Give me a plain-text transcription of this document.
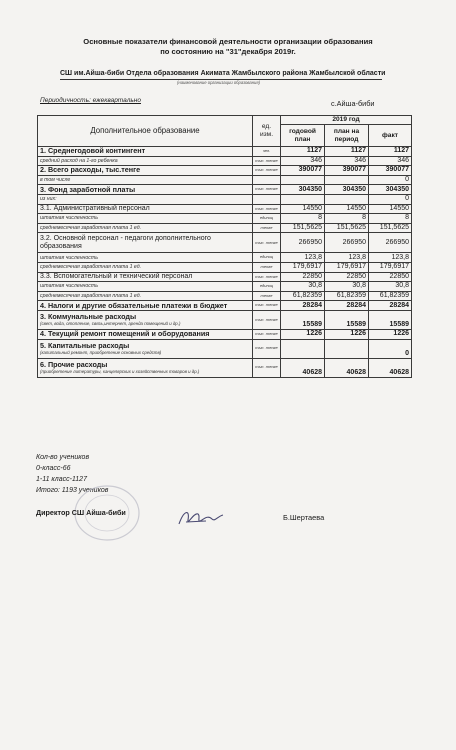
Основные показатели финансовой деятельности организации образования
по состоянию на "31"декабря 2019г.
СШ им.Айша-биби Отдела образования Акимата Жамбылского района Жамбылской области
(наименование организации образования)
Периодичность: ежеквартально	с.Айша-биби
Дополнительное образование	ед. изм.	2019 год		
		годовой план	план на период	факт

1. Среднегодовой контингент	чел.	1127	1127	1127

средний расход на 1-го ребенка	тыс. тенге	346	346	346

2. Всего расходы, тыс.тенге	тыс. тенге	390077	390077	390077

в том числе				0

3. Фонд заработной платы	тыс. тенге	304350	304350	304350

из них:				0

3.1. Административный персонал	тыс. тенге	14550	14550	14550

штатная численность	единиц	8	8	8

среднемесячная заработная плата 1 ед.	тенге	151,5625	151,5625	151,5625

3.2. Основной персонал - педагоги дополнительного образования	тыс. тенге	266950	266950	266950

штатная численность	единиц	123,8	123,8	123,8

среднемесячная заработная плата 1 ед.	тенге	179,6917	179,6917	179,6917

3.3. Вспомогательный и технический персонал	тыс. тенге	22850	22850	22850

штатная численность	единиц	30,8	30,8	30,8

среднемесячная заработная плата 1 ед.	тенге	61,82359	61,82359	61,82359

4. Налоги и другие обязательные платежи в бюджет	тыс. тенге	28284	28284	28284

3. Коммунальные расходы
(свет, вода, отопление, связь,интернет, аренда помещений и др.)	тыс. тенге	15589	15589	15589

4. Текущий ремонт помещений и оборудования	тыс. тенге	1226	1226	1226

5. Капитальные расходы
(капитальный ремонт, приобретение основных средств)	тыс. тенге			0

6. Прочие расходы
(приобретение литературы, канцелярских и хозяйственных товаров и др.)	тыс. тенге	40628	40628	40628
Кол-во учеников
0-класс-66
1-11 класс-1127
Итого: 1193 учеников
Директор СШ Айша-биби
Б.Шертаева
